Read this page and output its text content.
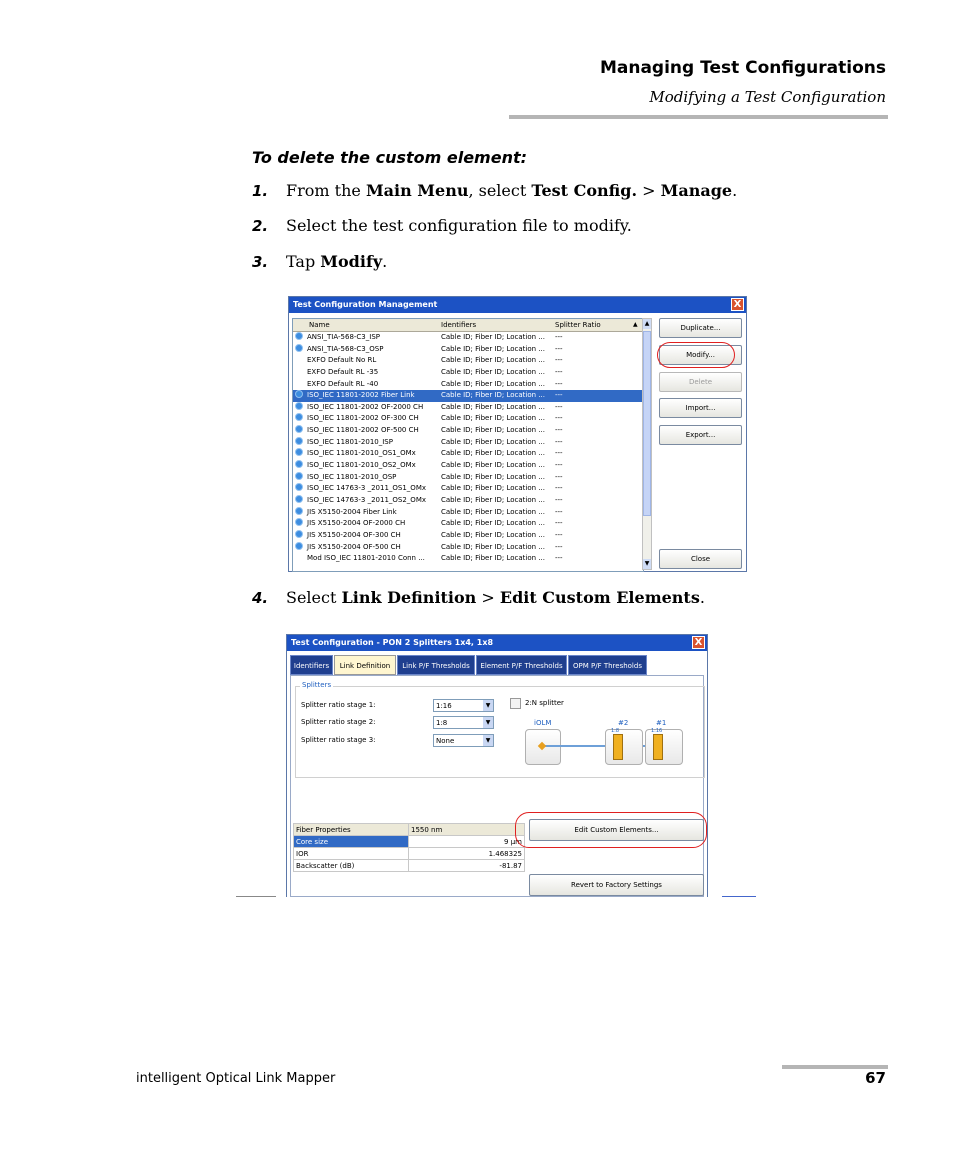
Managing Test Configurations
Modifying a Test Configuration
To delete the custom element:
1. From the Main Menu, select Test Config. > Manage.
2. Select the test configuration file to modify.
3. Tap Modify.
Test Configuration Management	X
Name	Identifiers	Splitter Ratio	▲
ANSI_TIA-568-C3_ISP	Cable ID; Fiber ID; Location ... ---
ANSI_TIA-568-C3_OSP	Cable ID; Fiber ID; Location ... ---
EXFO Default No RL	Cable ID; Fiber ID; Location ... ---
EXFO Default RL -35	Cable ID; Fiber ID; Location ... ---
EXFO Default RL -40	Cable ID; Fiber ID; Location ... ---
ISO_IEC 11801-2002 Fiber Link	Cable ID; Fiber ID; Location ... ---
ISO_IEC 11801-2002 OF-2000 CH	Cable ID; Fiber ID; Location ... ---
ISO_IEC 11801-2002 OF-300 CH	Cable ID; Fiber ID; Location ... ---
ISO_IEC 11801-2002 OF-500 CH	Cable ID; Fiber ID; Location ... ---
ISO_IEC 11801-2010_ISP	Cable ID; Fiber ID; Location ... ---
ISO_IEC 11801-2010_OS1_OMx	Cable ID; Fiber ID; Location ... ---
ISO_IEC 11801-2010_OS2_OMx	Cable ID; Fiber ID; Location ... ---
ISO_IEC 11801-2010_OSP	Cable ID; Fiber ID; Location ... ---
ISO_IEC 14763-3 _2011_OS1_OMx Cable ID; Fiber ID; Location ... ---
ISO_IEC 14763-3 _2011_OS2_OMx Cable ID; Fiber ID; Location ... ---
JIS X5150-2004 Fiber Link	Cable ID; Fiber ID; Location ... ---
JIS X5150-2004 OF-2000 CH	Cable ID; Fiber ID; Location ... ---
JIS X5150-2004 OF-300 CH	Cable ID; Fiber ID; Location ... ---
JIS X5150-2004 OF-500 CH	Cable ID; Fiber ID; Location ... ---
Mod ISO_IEC 11801-2010 Conn ... Cable ID; Fiber ID; Location ... ---
▲
▼
Duplicate...
Modify...
Delete
Import...
Export...
Close
4. Select Link Definition > Edit Custom Elements.
Test Configuration - PON 2 Splitters 1x4, 1x8	X
Identifiers	Link Definition	Link P/F Thresholds	Element P/F Thresholds	OPM P/F Thresholds
Splitters
Splitter ratio stage 1:	1:16	▼
Splitter ratio stage 2:	1:8	▼
Splitter ratio stage 3:	None	▼
2:N splitter
iOLM	#2	#1
1:8	1:16
Fiber Properties	1550 nm
Core size	9 µm
IOR	1.468325
Backscatter (dB)	-81.87
Edit Custom Elements...
Revert to Factory Settings
intelligent Optical Link Mapper	67
